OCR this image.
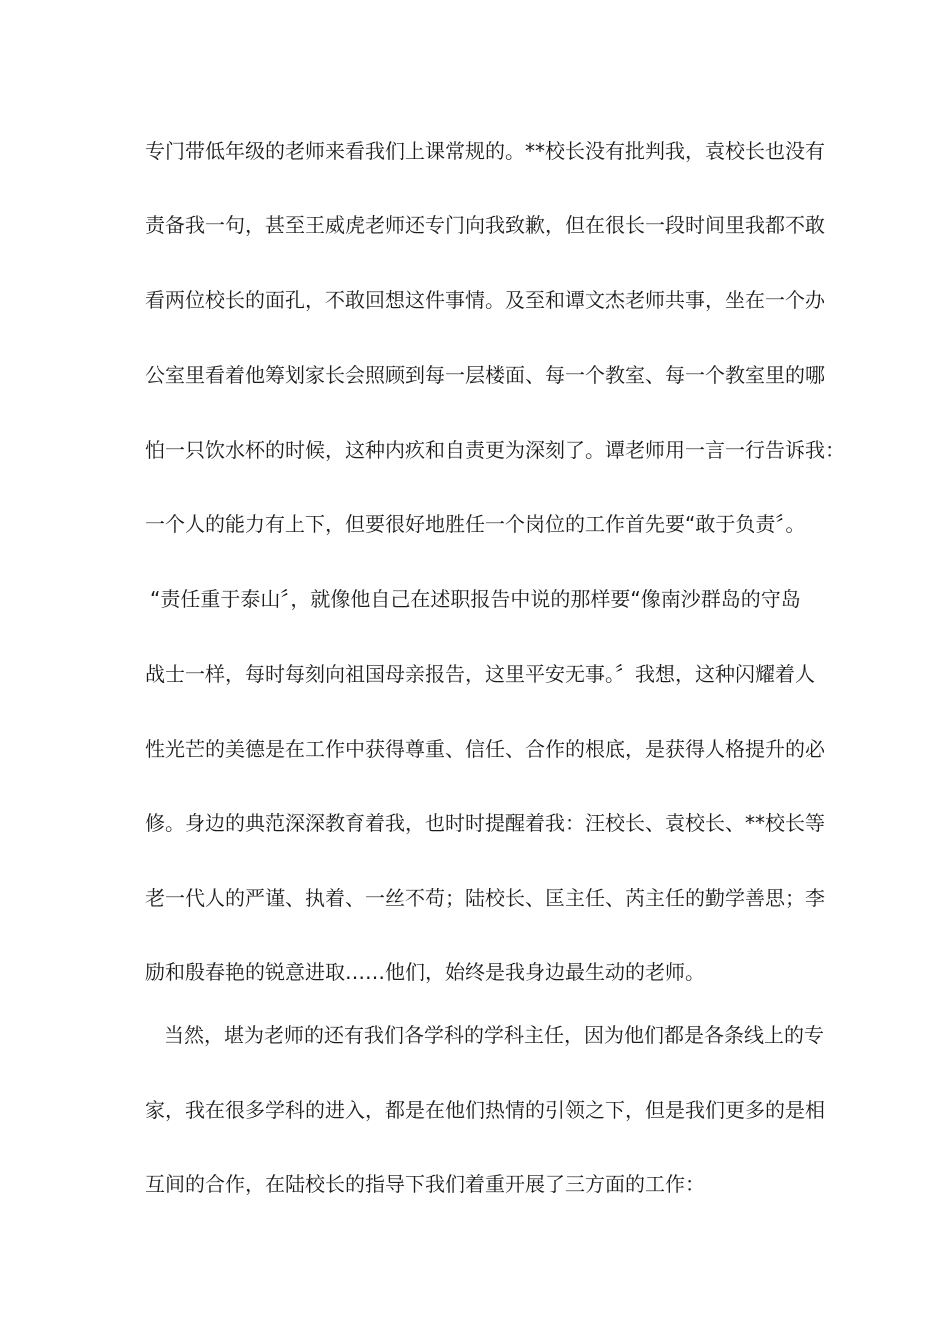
专门带低年级的老师来看我们上课常规的。**校长没有批判我，袁校长也没有
责备我一句，甚至王威虎老师还专门向我致歉，但在很长一段时间里我都不敢
看两位校长的面孔，不敢回想这件事情。及至和谭文杰老师共事，坐在一个办
公室里看着他筹划家长会照顾到每一层楼面、每一个教室、每一个教室里的哪
怕一只饮水杯的时候，这种内疚和自责更为深刻了。谭老师用一言一行告诉我：
一个人的能力有上下，但要很好地胜任一个岗位的工作首先要“敢于负责〞。
“责任重于泰山〞，就像他自己在述职报告中说的那样要“像南沙群岛的守岛
战士一样，每时每刻向祖国母亲报告，这里平安无事。〞我想，这种闪耀着人
性光芒的美德是在工作中获得尊重、信任、合作的根底，是获得人格提升的必
修。身边的典范深深教育着我，也时时提醒着我：汪校长、袁校长、**校长等
老一代人的严谨、执着、一丝不苟；陆校长、匡主任、芮主任的勤学善思；李
励和殷春艳的锐意进取……他们，始终是我身边最生动的老师。
当然，堪为老师的还有我们各学科的学科主任，因为他们都是各条线上的专
家，我在很多学科的进入，都是在他们热情的引领之下，但是我们更多的是相
互间的合作，在陆校长的指导下我们着重开展了三方面的工作：
